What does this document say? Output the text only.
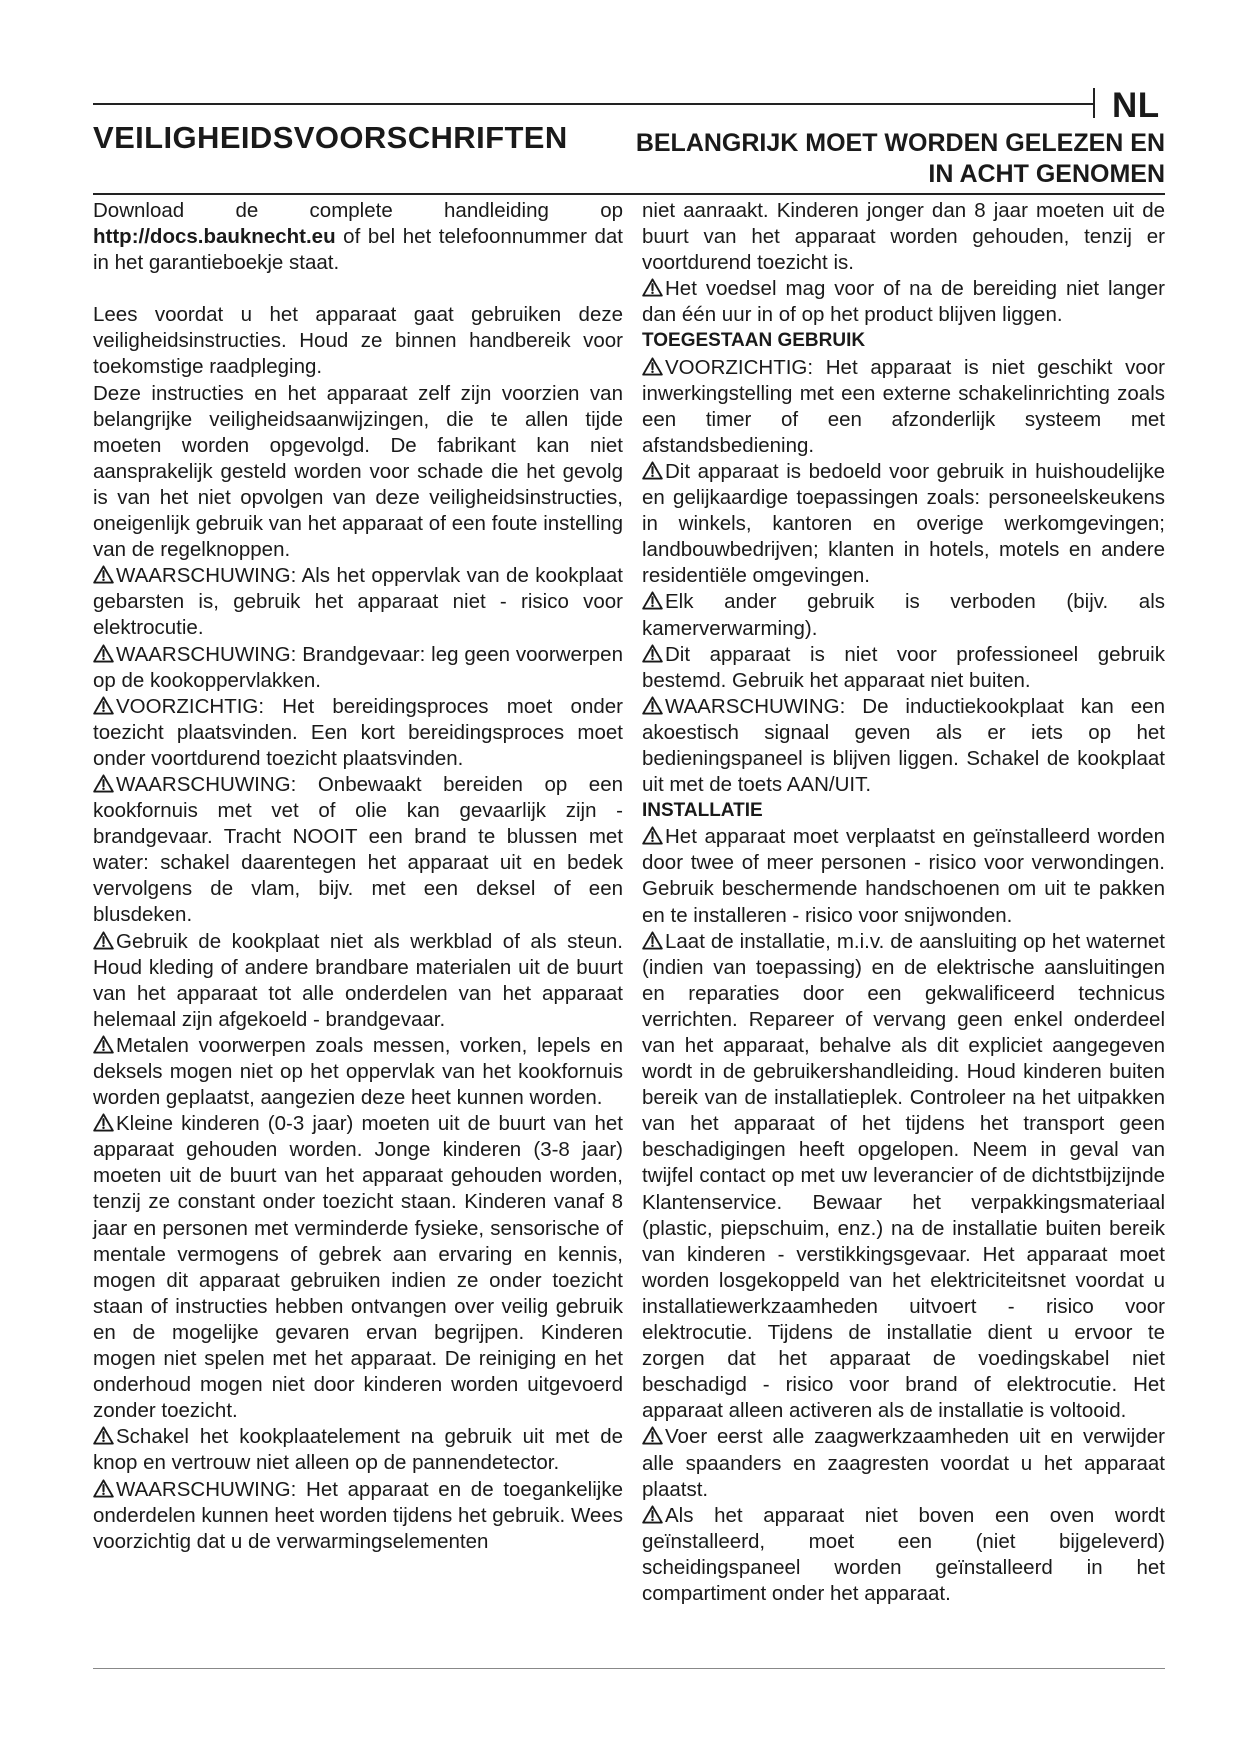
NL
VEILIGHEIDSVOORSCHRIFTEN	BELANGRIJK MOET WORDEN GELEZEN EN IN ACHT GENOMEN

Download de complete handleiding op http://docs.bauknecht.eu of bel het telefoonnummer dat in het garantieboekje staat.

Lees voordat u het apparaat gaat gebruiken deze veiligheidsinstructies. Houd ze binnen handbereik voor toekomstige raadpleging.

Deze instructies en het apparaat zelf zijn voorzien van belangrijke veiligheidsaanwijzingen, die te allen tijde moeten worden opgevolgd. De fabrikant kan niet aansprakelijk gesteld worden voor schade die het gevolg is van het niet opvolgen van deze veiligheidsinstructies, oneigenlijk gebruik van het apparaat of een foute instelling van de regelknoppen.

WAARSCHUWING: Als het oppervlak van de kookplaat gebarsten is, gebruik het apparaat niet - risico voor elektrocutie.

WAARSCHUWING: Brandgevaar: leg geen voorwerpen op de kookoppervlakken.

VOORZICHTIG: Het bereidingsproces moet onder toezicht plaatsvinden. Een kort bereidingsproces moet onder voortdurend toezicht plaatsvinden.

WAARSCHUWING: Onbewaakt bereiden op een kookfornuis met vet of olie kan gevaarlijk zijn - brandgevaar. Tracht NOOIT een brand te blussen met water: schakel daarentegen het apparaat uit en bedek vervolgens de vlam, bijv. met een deksel of een blusdeken.

Gebruik de kookplaat niet als werkblad of als steun. Houd kleding of andere brandbare materialen uit de buurt van het apparaat tot alle onderdelen van het apparaat helemaal zijn afgekoeld - brandgevaar.

Metalen voorwerpen zoals messen, vorken, lepels en deksels mogen niet op het oppervlak van het kookfornuis worden geplaatst, aangezien deze heet kunnen worden.

Kleine kinderen (0-3 jaar) moeten uit de buurt van het apparaat gehouden worden. Jonge kinderen (3-8 jaar) moeten uit de buurt van het apparaat gehouden worden, tenzij ze constant onder toezicht staan. Kinderen vanaf 8 jaar en personen met verminderde fysieke, sensorische of mentale vermogens of gebrek aan ervaring en kennis, mogen dit apparaat gebruiken indien ze onder toezicht staan of instructies hebben ontvangen over veilig gebruik en de mogelijke gevaren ervan begrijpen. Kinderen mogen niet spelen met het apparaat. De reiniging en het onderhoud mogen niet door kinderen worden uitgevoerd zonder toezicht.

Schakel het kookplaatelement na gebruik uit met de knop en vertrouw niet alleen op de pannendetector.

WAARSCHUWING: Het apparaat en de toegankelijke onderdelen kunnen heet worden tijdens het gebruik. Wees voorzichtig dat u de verwarmingselementen

niet aanraakt. Kinderen jonger dan 8 jaar moeten uit de buurt van het apparaat worden gehouden, tenzij er voortdurend toezicht is.

Het voedsel mag voor of na de bereiding niet langer dan één uur in of op het product blijven liggen.

TOEGESTAAN GEBRUIK

VOORZICHTIG: Het apparaat is niet geschikt voor inwerkingstelling met een externe schakelinrichting zoals een timer of een afzonderlijk systeem met afstandsbediening.

Dit apparaat is bedoeld voor gebruik in huishoudelijke en gelijkaardige toepassingen zoals: personeelskeukens in winkels, kantoren en overige werkomgevingen; landbouwbedrijven; klanten in hotels, motels en andere residentiële omgevingen.

Elk ander gebruik is verboden (bijv. als kamerverwarming).

Dit apparaat is niet voor professioneel gebruik bestemd. Gebruik het apparaat niet buiten.

WAARSCHUWING: De inductiekookplaat kan een akoestisch signaal geven als er iets op het bedieningspaneel is blijven liggen. Schakel de kookplaat uit met de toets AAN/UIT.

INSTALLATIE

Het apparaat moet verplaatst en geïnstalleerd worden door twee of meer personen - risico voor verwondingen. Gebruik beschermende handschoenen om uit te pakken en te installeren - risico voor snijwonden.

Laat de installatie, m.i.v. de aansluiting op het waternet (indien van toepassing) en de elektrische aansluitingen en reparaties door een gekwalificeerd technicus verrichten. Repareer of vervang geen enkel onderdeel van het apparaat, behalve als dit expliciet aangegeven wordt in de gebruikershandleiding. Houd kinderen buiten bereik van de installatieplek. Controleer na het uitpakken van het apparaat of het tijdens het transport geen beschadigingen heeft opgelopen. Neem in geval van twijfel contact op met uw leverancier of de dichtstbijzijnde Klantenservice. Bewaar het verpakkingsmateriaal (plastic, piepschuim, enz.) na de installatie buiten bereik van kinderen - verstikkingsgevaar. Het apparaat moet worden losgekoppeld van het elektriciteitsnet voordat u installatiewerkzaamheden uitvoert - risico voor elektrocutie. Tijdens de installatie dient u ervoor te zorgen dat het apparaat de voedingskabel niet beschadigd - risico voor brand of elektrocutie. Het apparaat alleen activeren als de installatie is voltooid.

Voer eerst alle zaagwerkzaamheden uit en verwijder alle spaanders en zaagresten voordat u het apparaat plaatst.

Als het apparaat niet boven een oven wordt geïnstalleerd, moet een (niet bijgeleverd) scheidingspaneel worden geïnstalleerd in het compartiment onder het apparaat.
